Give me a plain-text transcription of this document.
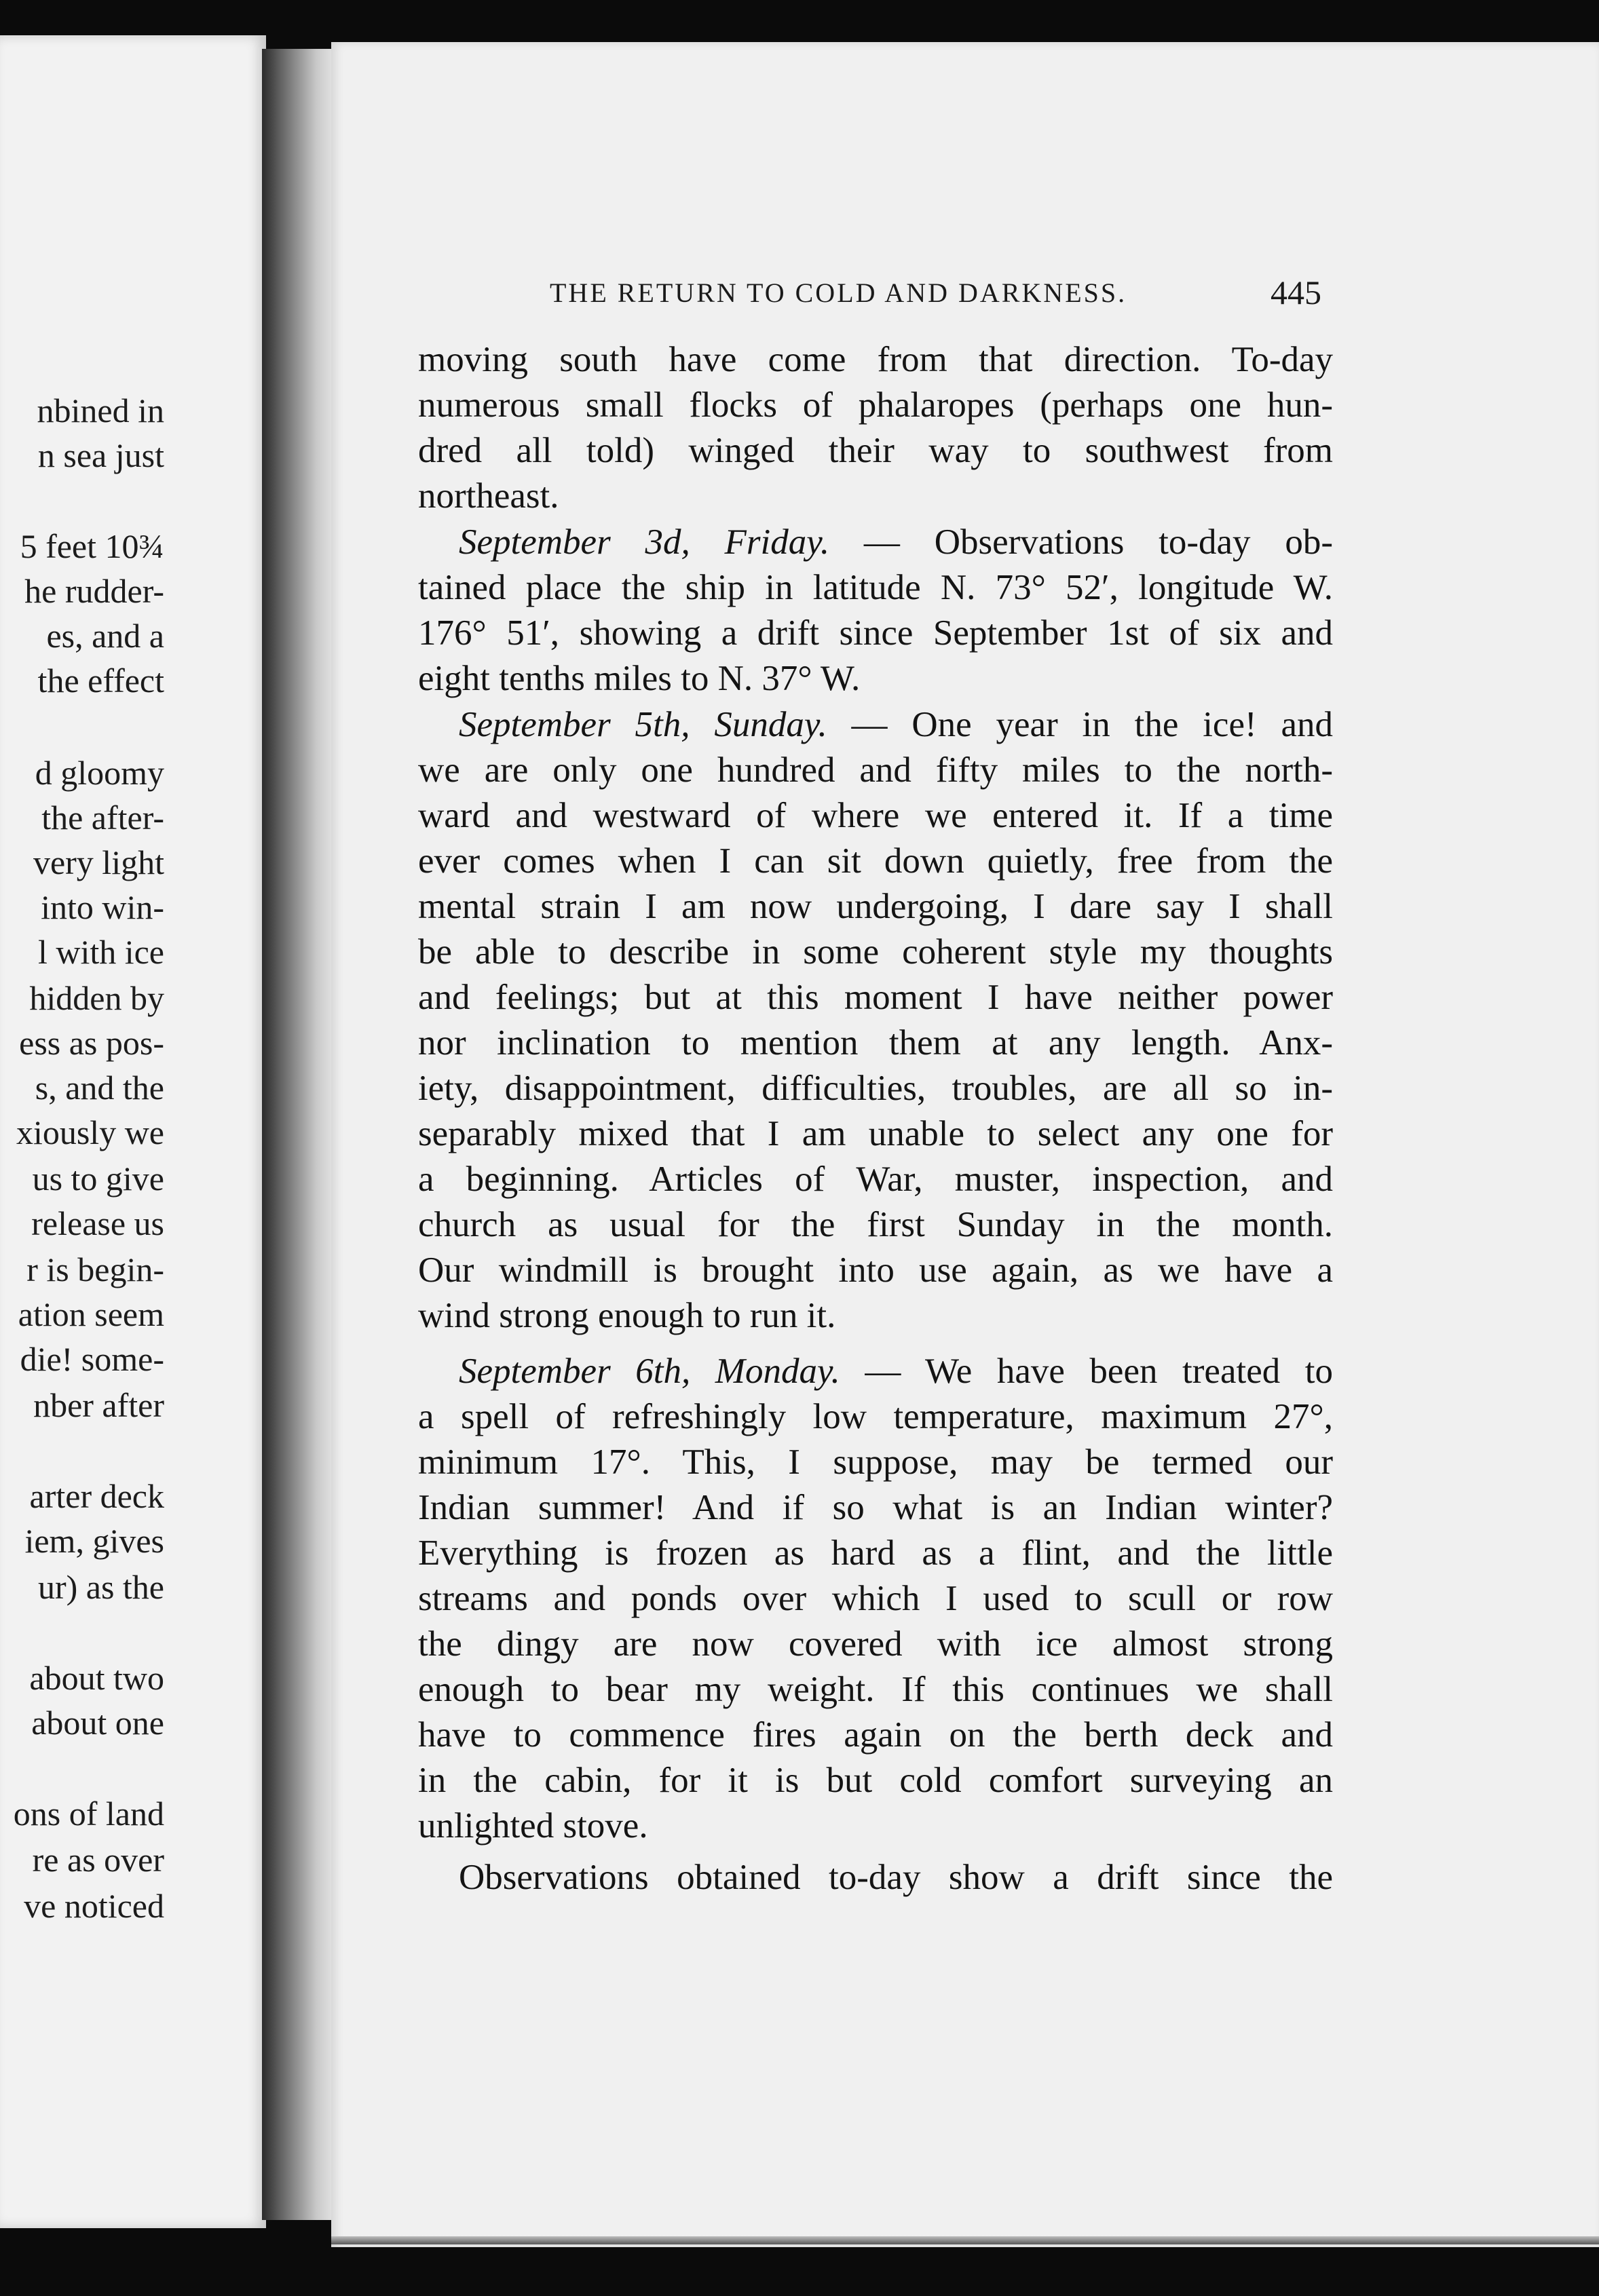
nbined in
n sea just
5 feet 10¾
he rudder-
es, and a
the effect
d gloomy
the after-
very light
into win-
l with ice
hidden by
ess as pos-
s, and the
xiously we
us to give
release us
r is begin-
ation seem
die! some-
nber after
arter deck
iem, gives
ur) as the
about two
about one
ons of land
re as over
ve noticed
THE RETURN TO COLD AND DARKNESS.	445
moving south have come from that direction. To-day
numerous small flocks of phalaropes (perhaps one hun-
dred all told) winged their way to southwest from
northeast.
September 3d, Friday. — Observations to-day ob-
tained place the ship in latitude N. 73° 52′, longitude W.
176° 51′, showing a drift since September 1st of six and
eight tenths miles to N. 37° W.
September 5th, Sunday. — One year in the ice! and
we are only one hundred and fifty miles to the north-
ward and westward of where we entered it. If a time
ever comes when I can sit down quietly, free from the
mental strain I am now undergoing, I dare say I shall
be able to describe in some coherent style my thoughts
and feelings; but at this moment I have neither power
nor inclination to mention them at any length. Anx-
iety, disappointment, difficulties, troubles, are all so in-
separably mixed that I am unable to select any one for
a beginning. Articles of War, muster, inspection, and
church as usual for the first Sunday in the month.
Our windmill is brought into use again, as we have a
wind strong enough to run it.
September 6th, Monday. — We have been treated to
a spell of refreshingly low temperature, maximum 27°,
minimum 17°. This, I suppose, may be termed our
Indian summer! And if so what is an Indian winter?
Everything is frozen as hard as a flint, and the little
streams and ponds over which I used to scull or row
the dingy are now covered with ice almost strong
enough to bear my weight. If this continues we shall
have to commence fires again on the berth deck and
in the cabin, for it is but cold comfort surveying an
unlighted stove.
Observations obtained to-day show a drift since the
